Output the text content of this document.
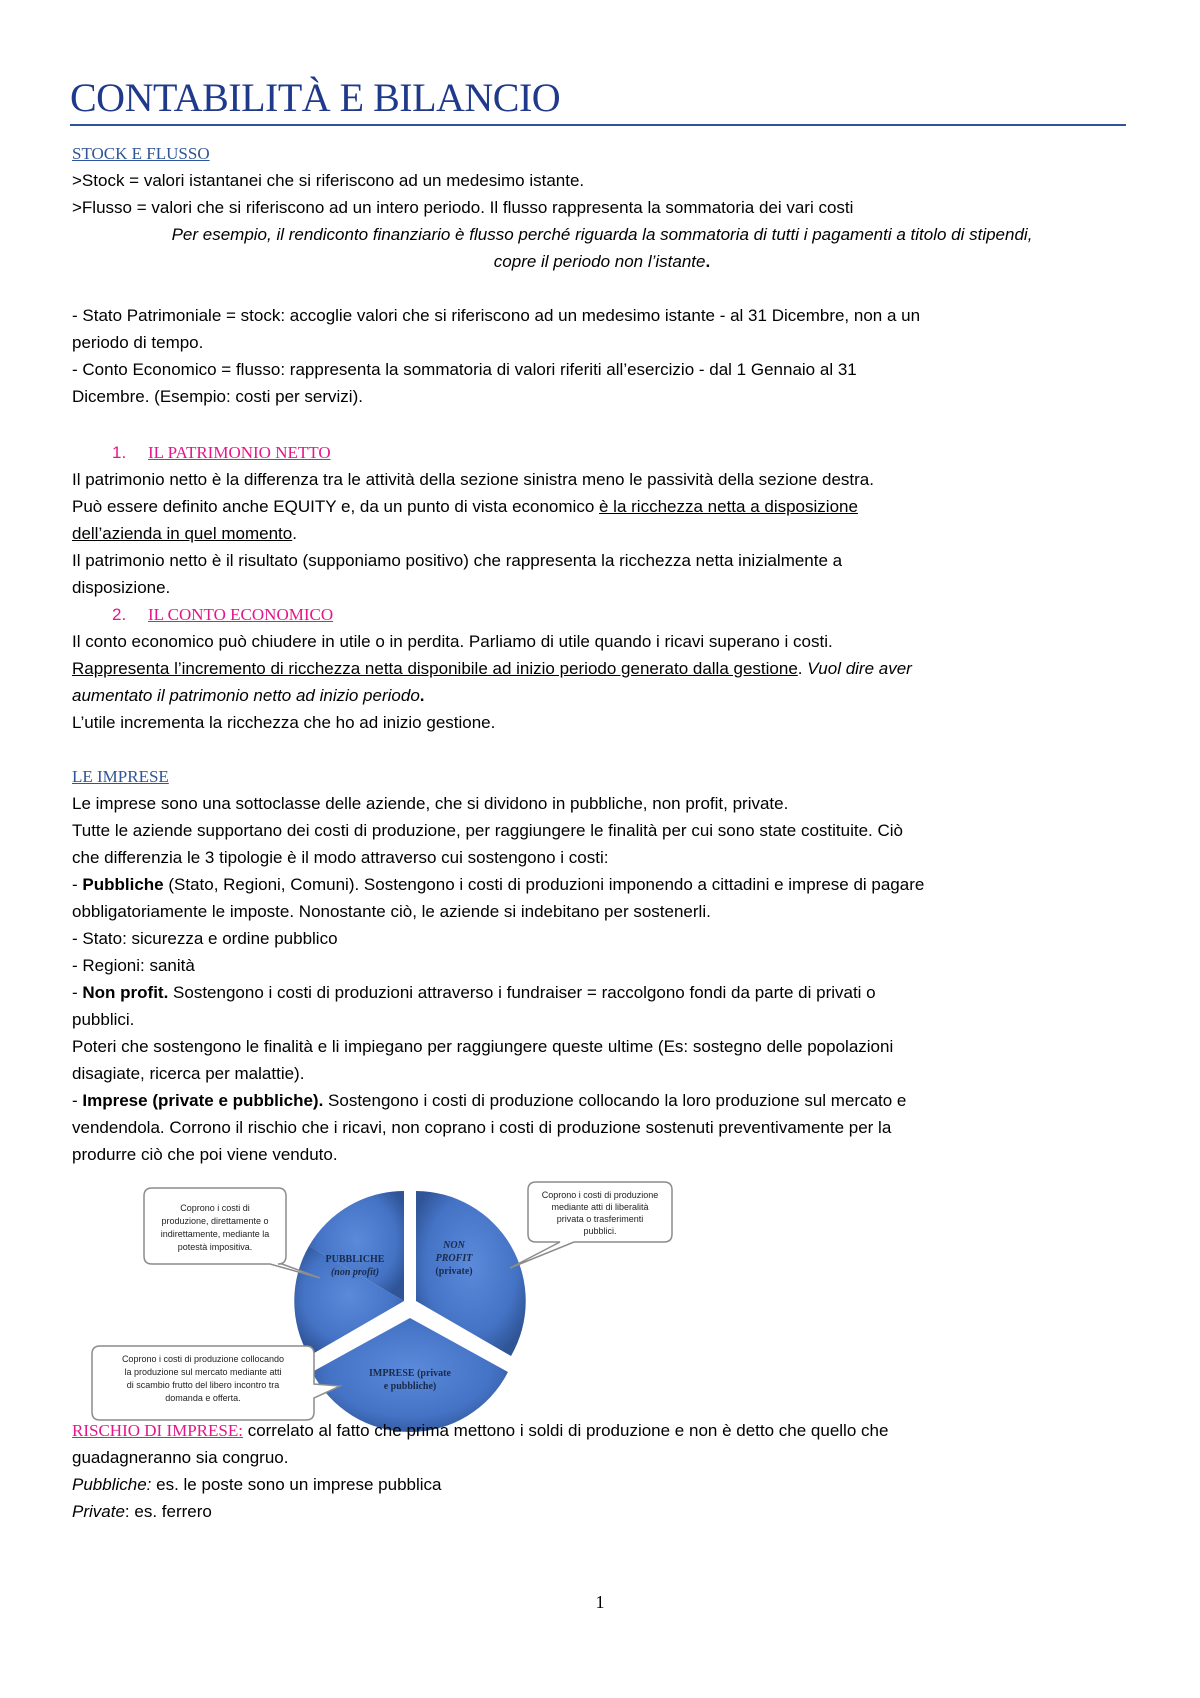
CONTABILITÀ E BILANCIO

STOCK E FLUSSO

>Stock = valori istantanei che si riferiscono ad un medesimo istante.

>Flusso = valori che si riferiscono ad un intero periodo. Il flusso rappresenta la sommatoria dei vari costi

Per esempio, il rendiconto finanziario è flusso perché riguarda la sommatoria di tutti i pagamenti a titolo di stipendi,

copre il periodo non l’istante.

- Stato Patrimoniale = stock: accoglie valori che si riferiscono ad un medesimo istante - al 31 Dicembre, non a un

periodo di tempo.

- Conto Economico = flusso: rappresenta la sommatoria di valori riferiti all’esercizio - dal 1 Gennaio al 31

Dicembre. (Esempio: costi per servizi).

1. IL PATRIMONIO NETTO

Il patrimonio netto è la differenza tra le attività della sezione sinistra meno le passività della sezione destra.

Può essere definito anche EQUITY e, da un punto di vista economico è la ricchezza netta a disposizione

dell’azienda in quel momento.

Il patrimonio netto è il risultato (supponiamo positivo) che rappresenta la ricchezza netta inizialmente a

disposizione.

2. IL CONTO ECONOMICO

Il conto economico può chiudere in utile o in perdita. Parliamo di utile quando i ricavi superano i costi.

Rappresenta l’incremento di ricchezza netta disponibile ad inizio periodo generato dalla gestione. Vuol dire aver

aumentato il patrimonio netto ad inizio periodo.

L’utile incrementa la ricchezza che ho ad inizio gestione.

LE IMPRESE

Le imprese sono una sottoclasse delle aziende, che si dividono in pubbliche, non profit, private.

Tutte le aziende supportano dei costi di produzione, per raggiungere le finalità per cui sono state costituite. Ciò

che differenzia le 3 tipologie è il modo attraverso cui sostengono i costi:

- Pubbliche (Stato, Regioni, Comuni). Sostengono i costi di produzioni imponendo a cittadini e imprese di pagare

obbligatoriamente le imposte. Nonostante ciò, le aziende si indebitano per sostenerli.

- Stato: sicurezza e ordine pubblico

- Regioni: sanità

- Non profit. Sostengono i costi di produzioni attraverso i fundraiser = raccolgono fondi da parte di privati o

pubblici.

Poteri che sostengono le finalità e li impiegano per raggiungere queste ultime (Es: sostegno delle popolazioni

disagiate, ricerca per malattie).

- Imprese (private e pubbliche). Sostengono i costi di produzione collocando la loro produzione sul mercato e

vendendola. Corrono il rischio che i ricavi, non coprano i costi di produzione sostenuti preventivamente per la

produrre ciò che poi viene venduto.

PUBBLICHE
(non profit)
NON
PROFIT
(private)
IMPRESE (private
e pubbliche)
Coprono i costi di
produzione, direttamente o
indirettamente, mediante la
potestà impositiva.
Coprono i costi di produzione
mediante atti di liberalità
privata o trasferimenti
pubblici.
Coprono i costi di produzione collocando
la produzione sul mercato mediante atti
di scambio frutto del libero incontro tra
domanda e offerta.

RISCHIO DI IMPRESE: correlato al fatto che prima mettono i soldi di produzione e non è detto che quello che

guadagneranno sia congruo.

Pubbliche: es. le poste sono un imprese pubblica

Private: es. ferrero

1
